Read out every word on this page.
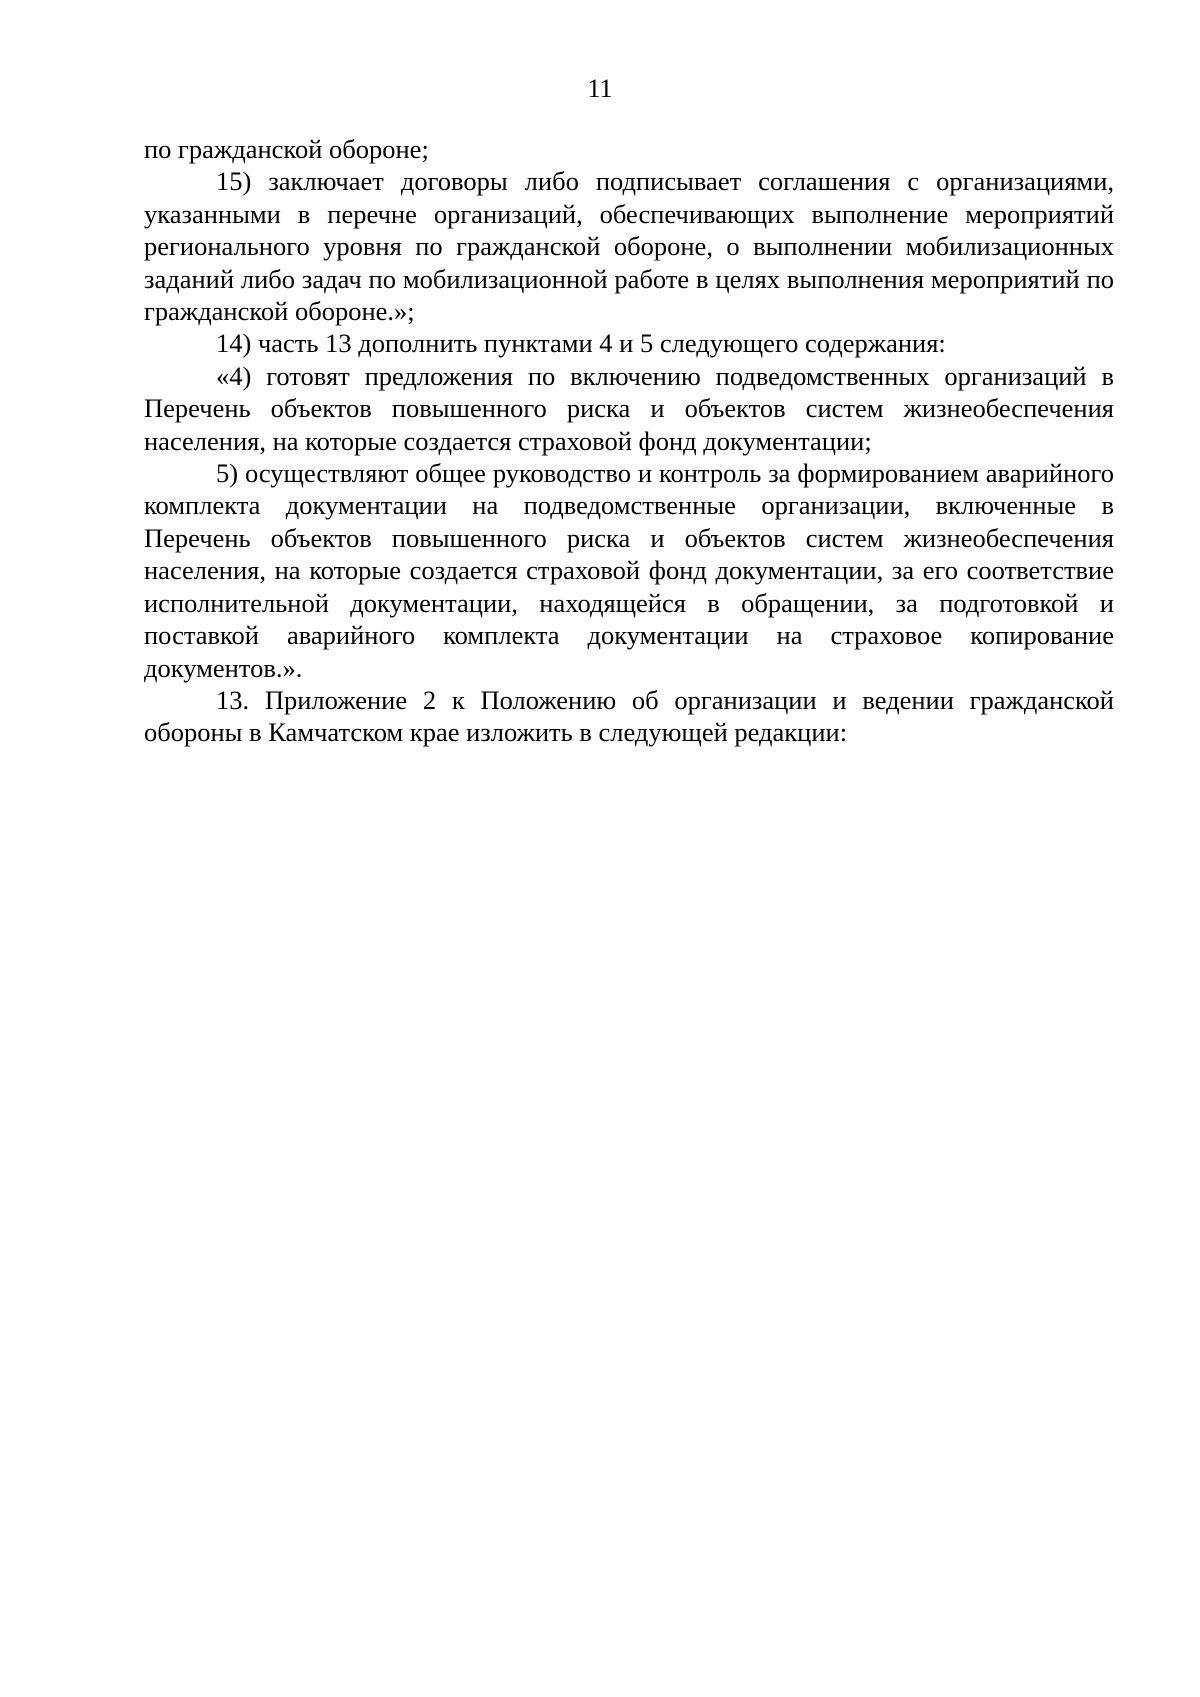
11

по гражданской обороне;

15) заключает договоры либо подписывает соглашения с организациями, указанными в перечне организаций, обеспечивающих выполнение мероприятий регионального уровня по гражданской обороне, о выполнении мобилизационных заданий либо задач по мобилизационной работе в целях выполнения мероприятий по гражданской обороне.»;

14) часть 13 дополнить пунктами 4 и 5 следующего содержания:

«4) готовят предложения по включению подведомственных организаций в Перечень объектов повышенного риска и объектов систем жизнеобеспечения населения, на которые создается страховой фонд документации;

5) осуществляют общее руководство и контроль за формированием аварийного комплекта документации на подведомственные организации, включенные в Перечень объектов повышенного риска и объектов систем жизнеобеспечения населения, на которые создается страховой фонд документации, за его соответствие исполнительной документации, находящейся в обращении, за подготовкой и поставкой аварийного комплекта документации на страховое копирование документов.».

13. Приложение 2 к Положению об организации и ведении гражданской обороны в Камчатском крае изложить в следующей редакции:
